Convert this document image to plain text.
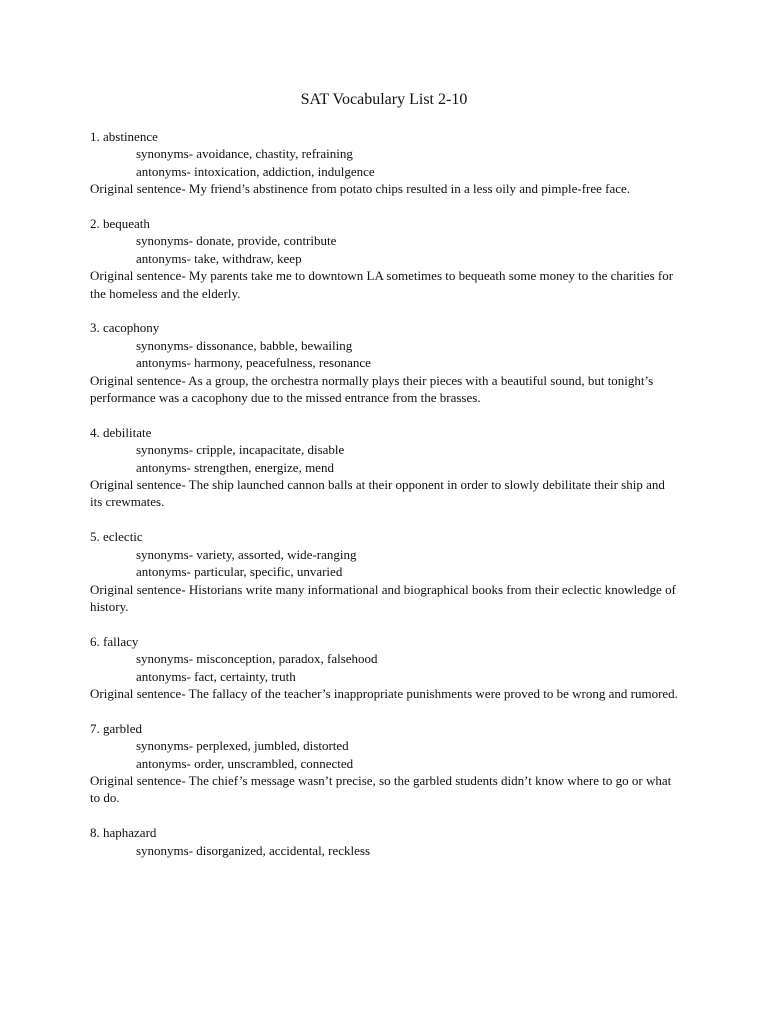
SAT Vocabulary List 2-10
1. abstinence
synonyms- avoidance, chastity, refraining
antonyms- intoxication, addiction, indulgence
Original sentence- My friend’s abstinence from potato chips resulted in a less oily and pimple-free face.
2. bequeath
synonyms- donate, provide, contribute
antonyms- take, withdraw, keep
Original sentence- My parents take me to downtown LA sometimes to bequeath some money to the charities for the homeless and the elderly.
3. cacophony
synonyms- dissonance, babble, bewailing
antonyms- harmony, peacefulness, resonance
Original sentence- As a group, the orchestra normally plays their pieces with a beautiful sound, but tonight’s performance was a cacophony due to the missed entrance from the brasses.
4. debilitate
synonyms- cripple, incapacitate, disable
antonyms- strengthen, energize, mend
Original sentence- The ship launched cannon balls at their opponent in order to slowly debilitate their ship and its crewmates.
5. eclectic
synonyms- variety, assorted, wide-ranging
antonyms- particular, specific, unvaried
Original sentence- Historians write many informational and biographical books from their eclectic knowledge of history.
6. fallacy
synonyms- misconception, paradox, falsehood
antonyms- fact, certainty, truth
Original sentence- The fallacy of the teacher’s inappropriate punishments were proved to be wrong and rumored.
7. garbled
synonyms- perplexed, jumbled, distorted
antonyms- order, unscrambled, connected
Original sentence- The chief’s message wasn’t precise, so the garbled students didn’t know where to go or what to do.
8. haphazard
synonyms- disorganized, accidental, reckless
